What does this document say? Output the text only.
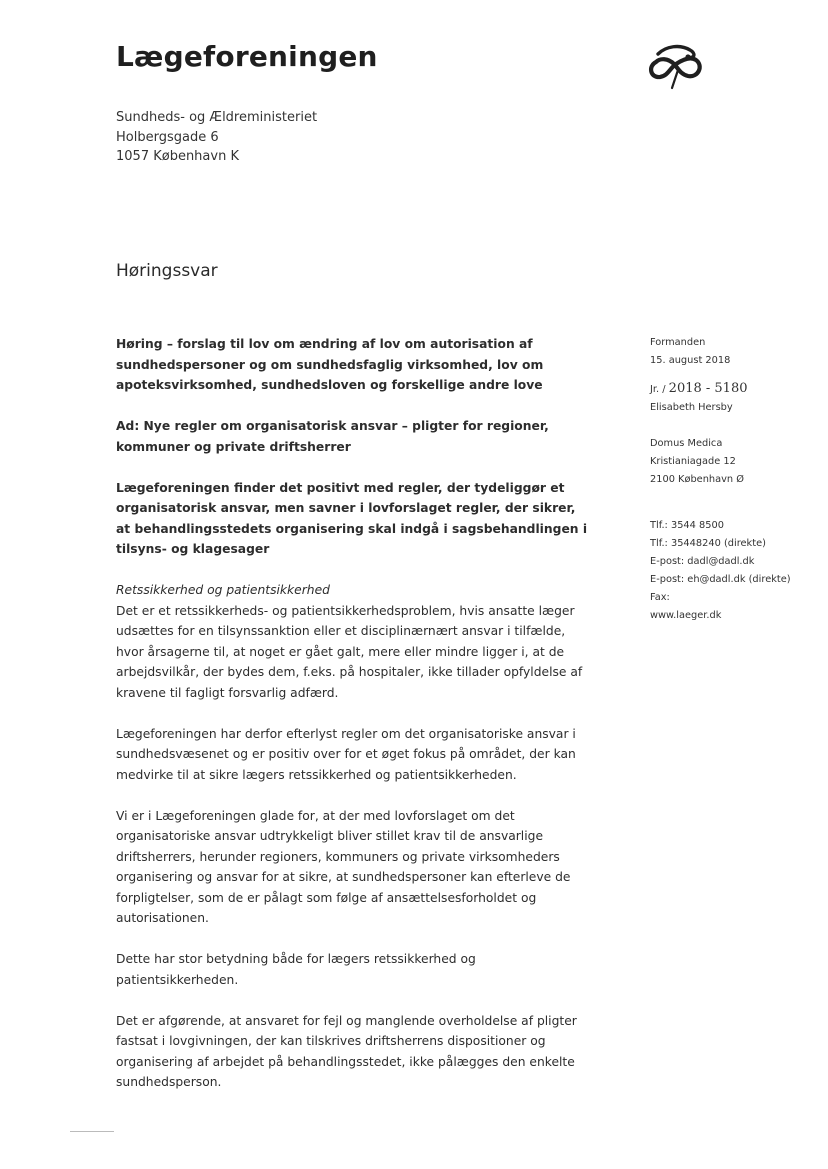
Lægeforeningen
Sundheds- og Ældreministeriet
Holbergsgade 6
1057 København K
Høringssvar

Høring – forslag til lov om ændring af lov om autorisation af sundhedspersoner og om sundhedsfaglig virksomhed, lov om apoteksvirksomhed, sundhedsloven og forskellige andre love

Ad: Nye regler om organisatorisk ansvar – pligter for regioner, kommuner og private driftsherrer

Lægeforeningen finder det positivt med regler, der tydeliggør et organisatorisk ansvar, men savner i lovforslaget regler, der sikrer, at behandlingsstedets organisering skal indgå i sagsbehandlingen i tilsyns- og klagesager

Retssikkerhed og patientsikkerhed

Det er et retssikkerheds- og patientsikkerhedsproblem, hvis ansatte læger udsættes for en tilsynssanktion eller et disciplinærnært ansvar i tilfælde, hvor årsagerne til, at noget er gået galt, mere eller mindre ligger i, at de arbejdsvilkår, der bydes dem, f.eks. på hospitaler, ikke tillader opfyldelse af kravene til fagligt forsvarlig adfærd.

Lægeforeningen har derfor efterlyst regler om det organisatoriske ansvar i sundhedsvæsenet og er positiv over for et øget fokus på området, der kan medvirke til at sikre lægers retssikkerhed og patientsikkerheden.

Vi er i Lægeforeningen glade for, at der med lovforslaget om det organisatoriske ansvar udtrykkeligt bliver stillet krav til de ansvarlige driftsherrers, herunder regioners, kommuners og private virksomheders organisering og ansvar for at sikre, at sundhedspersoner kan efterleve de forpligtelser, som de er pålagt som følge af ansættelsesforholdet og autorisationen.

Dette har stor betydning både for lægers retssikkerhed og patientsikkerheden.

Det er afgørende, at ansvaret for fejl og manglende overholdelse af pligter fastsat i lovgivningen, der kan tilskrives driftsherrens dispositioner og organisering af arbejdet på behandlingsstedet, ikke pålægges den enkelte sundhedsperson.

Formanden
15. august 2018
Jr. / 2018 - 5180
Elisabeth Hersby
Domus Medica
Kristianiagade 12
2100 København Ø
Tlf.: 3544 8500
Tlf.: 35448240 (direkte)
E-post: dadl@dadl.dk
E-post: eh@dadl.dk (direkte)
Fax:
www.laeger.dk
